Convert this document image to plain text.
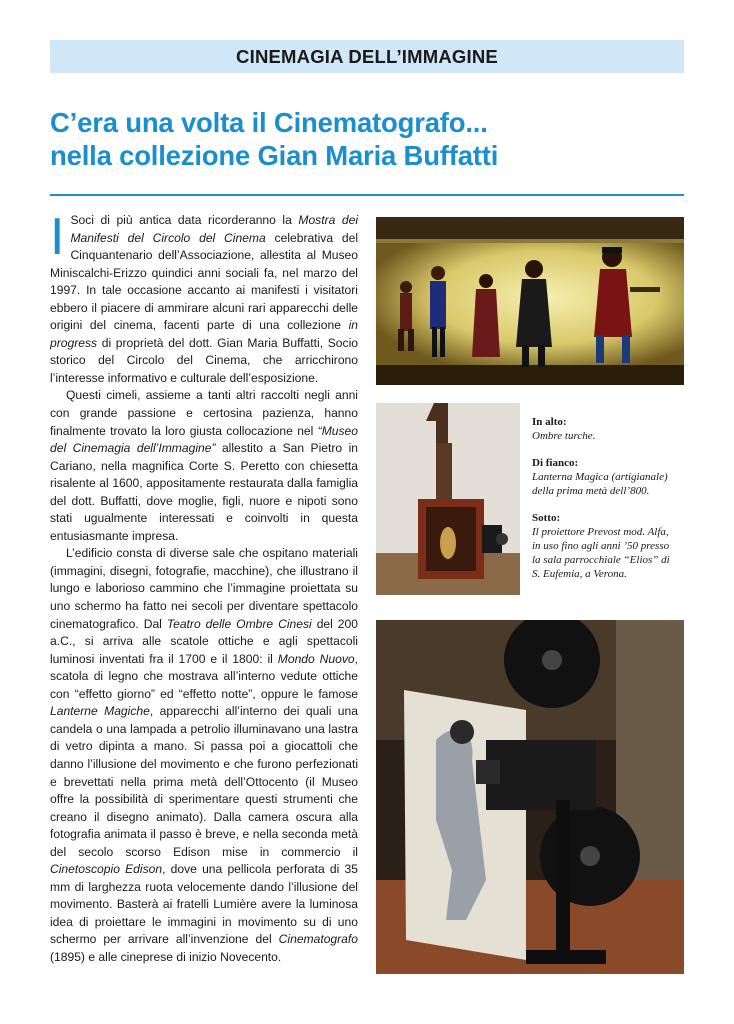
CINEMAGIA DELL’IMMAGINE
C’era una volta il Cinematografo...
nella collezione Gian Maria Buffatti

I Soci di più antica data ricorderanno la Mostra dei Manifesti del Circolo del Cinema celebrativa del Cinquantenario dell’Associazione, allestita al Museo Miniscalchi-Erizzo quindici anni sociali fa, nel marzo del 1997. In tale occasione accanto ai manifesti i visitatori ebbero il piacere di ammirare alcuni rari apparecchi delle origini del cinema, facenti parte di una collezione in progress di proprietà del dott. Gian Maria Buffatti, Socio storico del Circolo del Cinema, che arricchirono l’interesse informativo e culturale dell’esposizione.

Questi cimeli, assieme a tanti altri raccolti negli anni con grande passione e certosina pazienza, hanno finalmente trovato la loro giusta collocazione nel “Museo del Cinemagia dell’Immagine” allestito a San Pietro in Cariano, nella magnifica Corte S. Peretto con chiesetta risalente al 1600, appositamente restaurata dalla famiglia del dott. Buffatti, dove moglie, figli, nuore e nipoti sono stati ugualmente interessati e coinvolti in questa entusiasmante impresa.

L’edificio consta di diverse sale che ospitano materiali (immagini, disegni, fotografie, macchine), che illustrano il lungo e laborioso cammino che l’immagine proiettata su uno schermo ha fatto nei secoli per diventare spettacolo cinematografico. Dal Teatro delle Ombre Cinesi del 200 a.C., si arriva alle scatole ottiche e agli spettacoli luminosi inventati fra il 1700 e il 1800: il Mondo Nuovo, scatola di legno che mostrava all’interno vedute ottiche con “effetto giorno” ed “effetto notte”, oppure le famose Lanterne Magiche, apparecchi all’interno dei quali una candela o una lampada a petrolio illuminavano una lastra di vetro dipinta a mano. Si passa poi a giocattoli che danno l’illusione del movimento e che furono perfezionati e brevettati nella prima metà dell’Ottocento (il Museo offre la possibilità di sperimentare questi strumenti che creano il disegno animato). Dalla camera oscura alla fotografia animata il passo è breve, e nella seconda metà del secolo scorso Edison mise in commercio il Cinetoscopio Edison, dove una pellicola perforata di 35 mm di larghezza ruota velocemente dando l’illusione del movimento. Basterà ai fratelli Lumière avere la luminosa idea di proiettare le immagini in movimento su di uno schermo per arrivare all’invenzione del Cinematografo (1895) e alle cineprese di inizio Novecento.

In alto:
Ombre turche.

Di fianco:
Lanterna Magica (artigianale)
della prima metà dell’800.

Sotto:
Il proiettore Prevost mod. Alfa,
in uso fino agli anni ’50 presso
la sala parrocchiale “Elios” di
S. Eufemia, a Verona.
